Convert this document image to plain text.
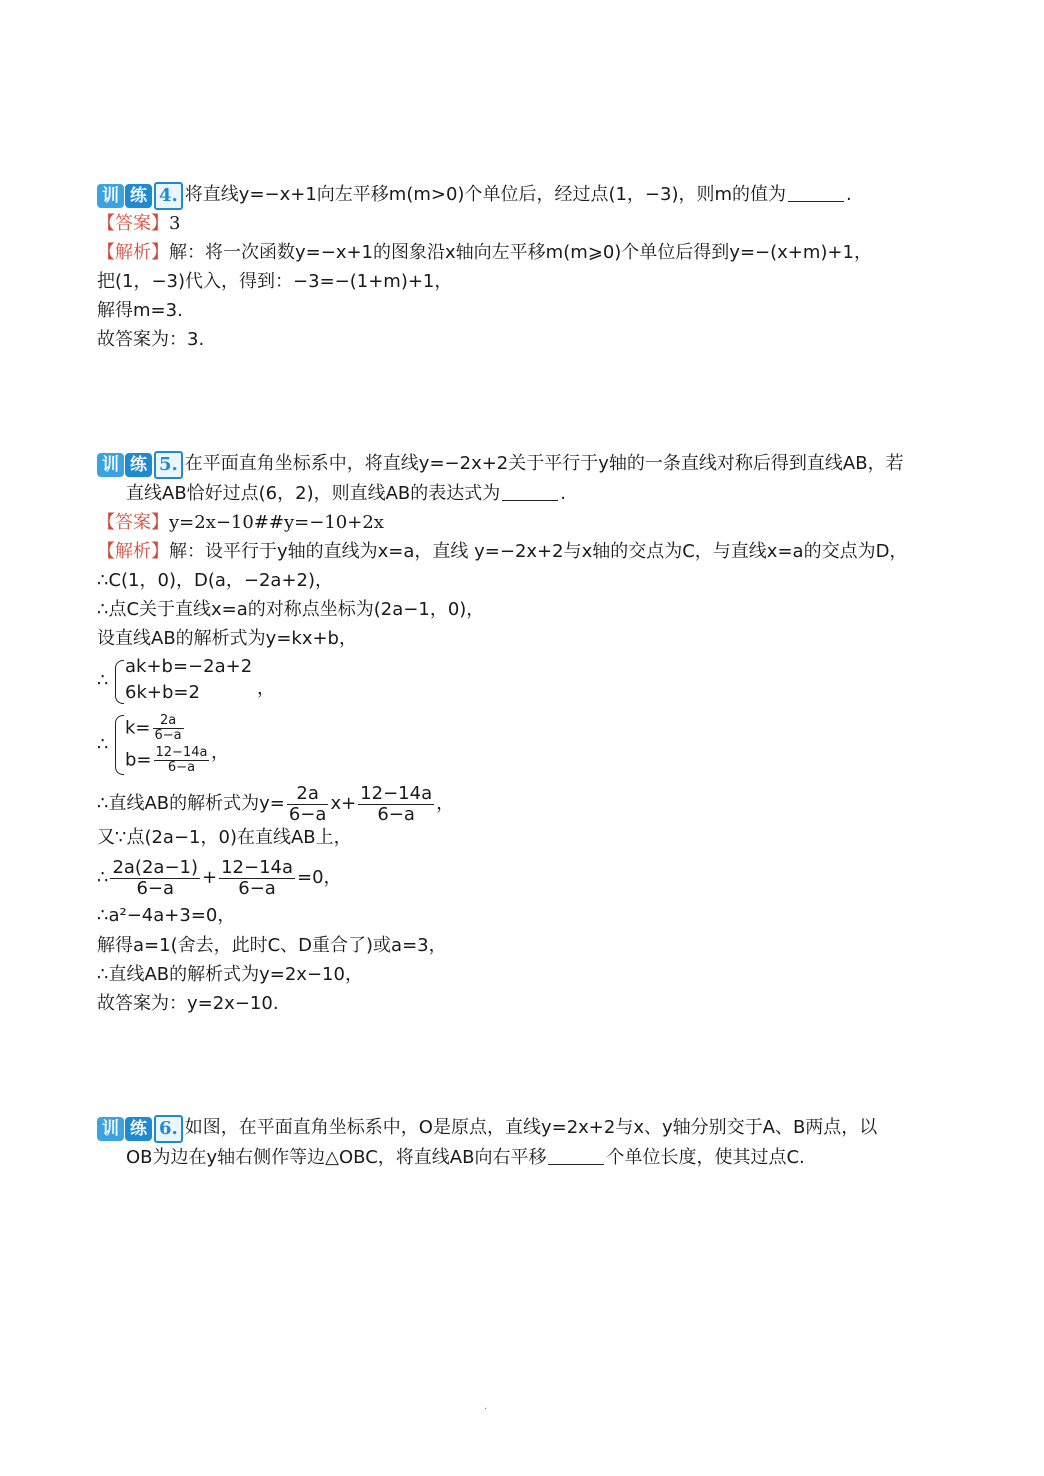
训 练 4. 将直线y=−x+1向左平移m(m>0)个单位后，经过点(1，−3)，则m的值为	.
【答案】3
【解析】解：将一次函数y=−x+1的图象沿x轴向左平移m(m⩾0)个单位后得到y=−(x+m)+1，
把(1，−3)代入，得到：−3=−(1+m)+1，
解得m=3.
故答案为：3.
训 练 5. 在平面直角坐标系中，将直线y=−2x+2关于平行于y轴的一条直线对称后得到直线AB，若
直线AB恰好过点(6，2)，则直线AB的表达式为	.
【答案】y=2x−10##y=−10+2x
【解析】解：设平行于y轴的直线为x=a，直线 y=−2x+2与x轴的交点为C，与直线x=a的交点为D，
∴C(1，0)，D(a，−2a+2)，
∴点C关于直线x=a的对称点坐标为(2a−1，0)，
设直线AB的解析式为y=kx+b，
∴
ak+b=−2a+2
6k+b=2	，
∴
$k= \frac{2a}{6-a}$
$b= \frac{12-14a}{6-a}$ ，
∴直线AB的解析式为$y= \frac{2a}{6-a} x+ \frac{12-14a}{6-a}$ ，
又∵点(2a−1，0)在直线AB上，
∴ $\frac{2a(2a-1)}{6-a} + \frac{12-14a}{6-a} =0$，
∴a²−4a+3=0，
解得a=1(舍去，此时C、D重合了)或a=3，
∴直线AB的解析式为y=2x−10，
故答案为：y=2x−10.
训 练 6. 如图，在平面直角坐标系中，O是原点，直线y=2x+2与x、y轴分别交于A、B两点，以
OB为边在y轴右侧作等边△OBC，将直线AB向右平移	个单位长度，使其过点C.
·
